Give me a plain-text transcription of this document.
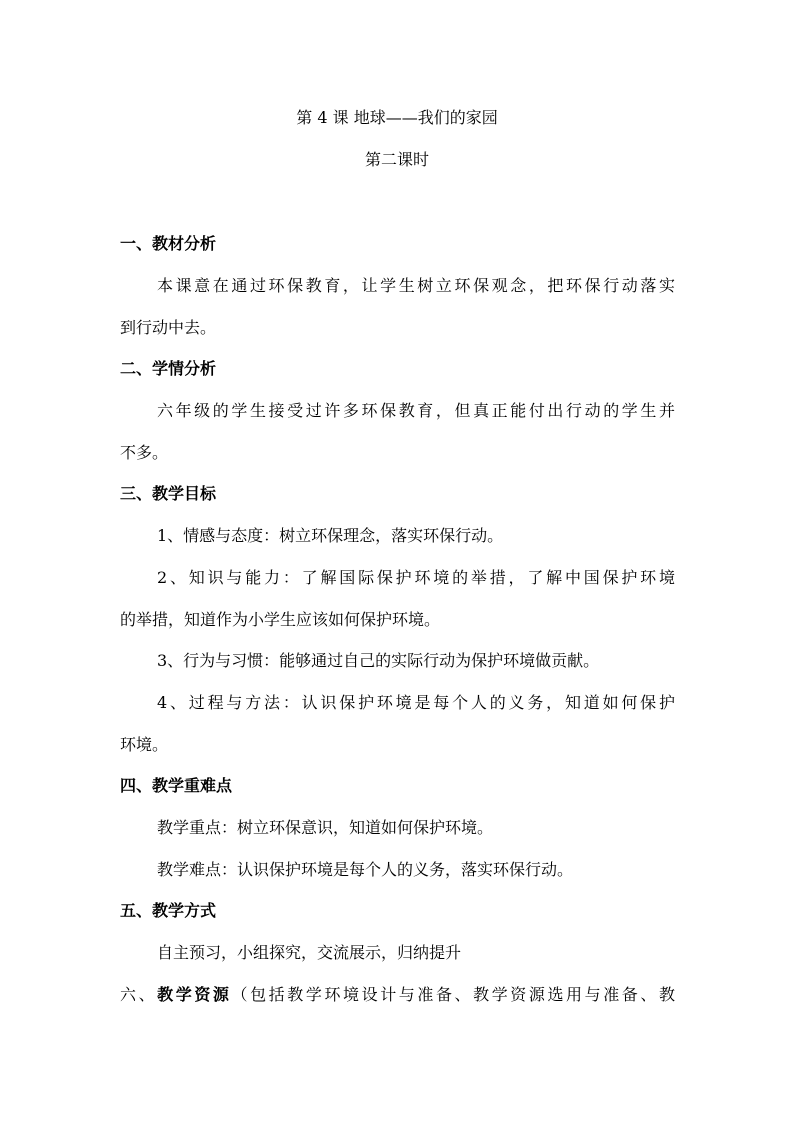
第 4 课 地球——我们的家园
第二课时
一、教材分析
本课意在通过环保教育，让学生树立环保观念，把环保行动落实
到行动中去。
二、学情分析
六年级的学生接受过许多环保教育，但真正能付出行动的学生并
不多。
三、教学目标
1、情感与态度：树立环保理念，落实环保行动。
2、知识与能力：了解国际保护环境的举措，了解中国保护环境
的举措，知道作为小学生应该如何保护环境。
3、行为与习惯：能够通过自己的实际行动为保护环境做贡献。
4、过程与方法：认识保护环境是每个人的义务，知道如何保护
环境。
四、教学重难点
教学重点：树立环保意识，知道如何保护环境。
教学难点：认识保护环境是每个人的义务，落实环保行动。
五、教学方式
自主预习，小组探究，交流展示，归纳提升
六、教学资源（包括教学环境设计与准备、教学资源选用与准备、教
